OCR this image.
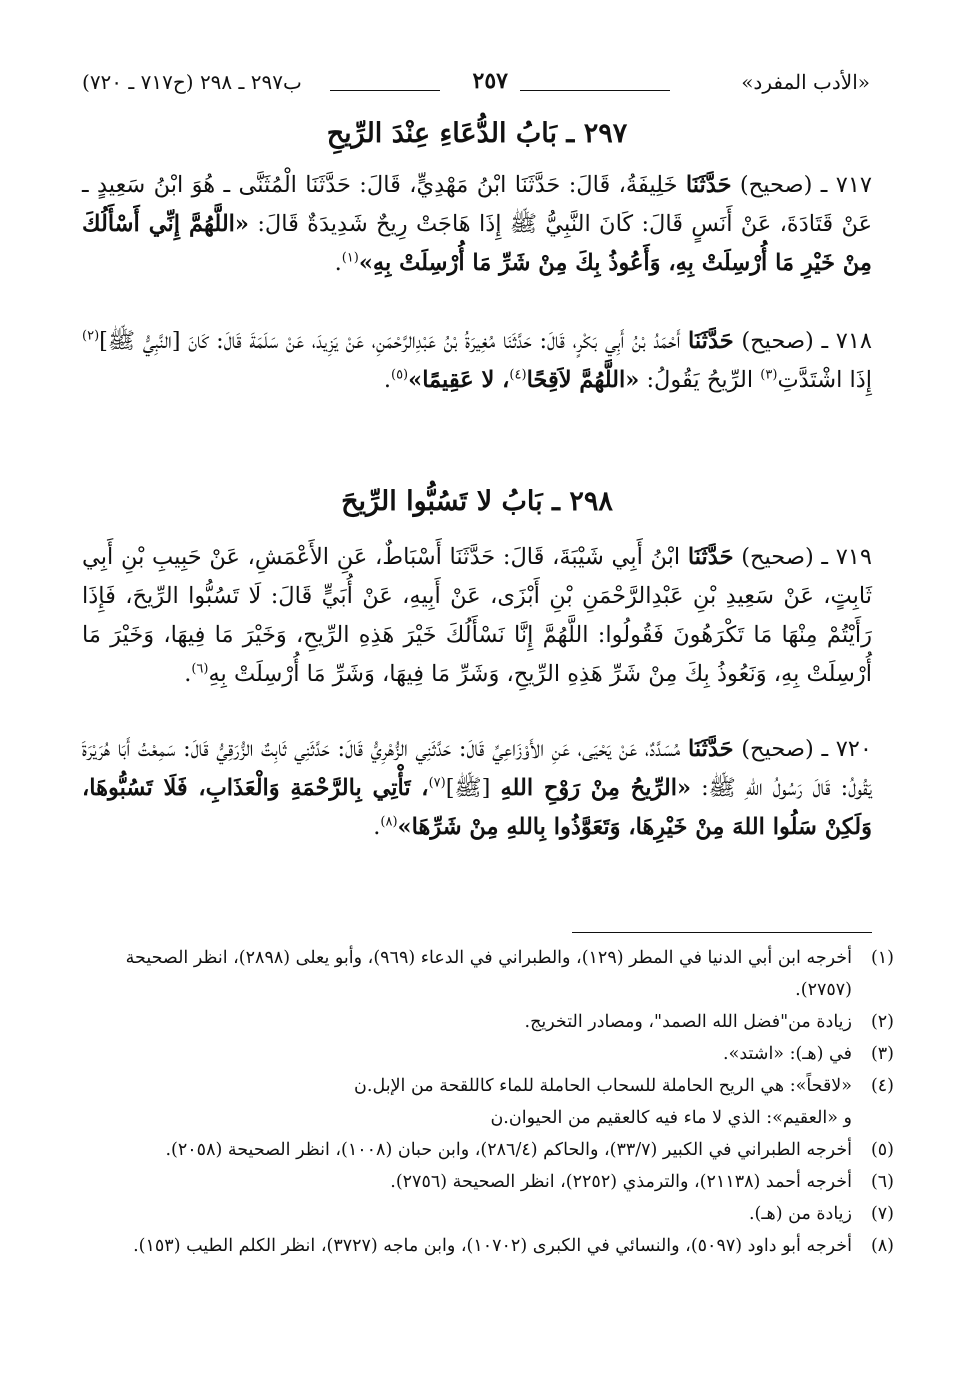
«الأدب المفرد»
٢٥٧
ب٢٩٧ ـ ٢٩٨ (ح٧١٧ ـ ٧٢٠)
٢٩٧ ـ بَابُ الدُّعَاءِ عِنْدَ الرِّيحِ
٧١٧ ـ (صحيح) حَدَّثَنَا خَلِيفَةُ، قَالَ: حَدَّثَنَا ابْنُ مَهْدِيٍّ، قَالَ: حَدَّثَنَا الْمُثَنَّى ـ هُوَ ابْنُ سَعِيدٍ ـ عَنْ قَتَادَةَ، عَنْ أَنَسٍ قَالَ: كَانَ النَّبِيُّ ﷺ إِذَا هَاجَتْ رِيحٌ شَدِيدَةٌ قَالَ: «اللَّهُمَّ إِنِّي أَسْأَلُكَ مِنْ خَيْرِ مَا أُرْسِلَتْ بِهِ، وَأَعُوذُ بِكَ مِنْ شَرِّ مَا أُرْسِلَتْ بِهِ»$^{(١)}$.
٧١٨ ـ (صحيح) حَدَّثَنَا أَحْمَدُ بْنُ أَبِي بَكْرٍ، قَالَ: حَدَّثَنَا مُغِيرَةُ بْنُ عَبْدِالرَّحْمَنِ، عَنْ يَزِيدَ، عَنْ سَلَمَةَ قَالَ: كَانَ [النَّبِيُّ ﷺ]$^{(٢)}$ إِذَا اشْتَدَّتِ$^{(٣)}$ الرِّيحُ يَقُولُ: «اللَّهُمَّ لاَقِحًا$^{(٤)}$، لا عَقِيمًا»$^{(٥)}$.
٢٩٨ ـ بَابُ لا تَسُبُّوا الرِّيحَ
٧١٩ ـ (صحيح) حَدَّثَنَا ابْنُ أَبِي شَيْبَةَ، قَالَ: حَدَّثَنَا أَسْبَاطٌ، عَنِ الأَعْمَشِ، عَنْ حَبِيبِ بْنِ أَبِي ثَابِتٍ، عَنْ سَعِيدِ بْنِ عَبْدِالرَّحْمَنِ بْنِ أَبْزَى، عَنْ أَبِيهِ، عَنْ أُبَيٍّ قَالَ: لَا تَسُبُّوا الرِّيحَ، فَإِذَا رَأَيْتُمْ مِنْهَا مَا تَكْرَهُونَ فَقُولُوا: اللَّهُمَّ إِنَّا نَسْأَلُكَ خَيْرَ هَذِهِ الرِّيحِ، وَخَيْرَ مَا فِيهَا، وَخَيْرَ مَا أُرْسِلَتْ بِهِ، وَنَعُوذُ بِكَ مِنْ شَرِّ هَذِهِ الرِّيحِ، وَشَرِّ مَا فِيهَا، وَشَرِّ مَا أُرْسِلَتْ بِهِ$^{(٦)}$.
٧٢٠ ـ (صحيح) حَدَّثَنَا مُسَدَّدٌ، عَنْ يَحْيَى، عَنِ الأَوْزَاعِيِّ قَالَ: حَدَّثَنِي الزُّهْرِيُّ قَالَ: حَدَّثَنِي ثَابِتٌ الزُّرَقِيُّ قَالَ: سَمِعْتُ أَبَا هُرَيْرَةَ يَقُولُ: قَالَ رَسُولُ اللهِ ﷺ: «الرِّيحُ مِنْ رَوْحِ اللهِ [ﷺ]$^{(٧)}$، تَأْتِي بِالرَّحْمَةِ وَالْعَذَابِ، فَلَا تَسُبُّوهَا، وَلَكِنْ سَلُوا اللهَ مِنْ خَيْرِهَا، وَتَعَوَّذُوا بِاللهِ مِنْ شَرِّهَا»$^{(٨)}$.
(١)
أخرجه ابن أبي الدنيا في المطر (١٢٩)، والطبراني في الدعاء (٩٦٩)، وأبو يعلى (٢٨٩٨)، انظر الصحيحة (٢٧٥٧).
(٢)
زيادة من"فضل الله الصمد"، ومصادر التخريج.
(٣)
في (هـ): «اشتد».
(٤)
«لاقحاً»: هي الريح الحاملة للسحاب الحاملة للماء كاللقحة من الإبل.ن
و «العقيم»: الذي لا ماء فيه كالعقيم من الحيوان.ن
(٥)
أخرجه الطبراني في الكبير (٣٣/٧)، والحاكم (٢٨٦/٤)، وابن حبان (١٠٠٨)، انظر الصحيحة (٢٠٥٨).
(٦)
أخرجه أحمد (٢١١٣٨)، والترمذي (٢٢٥٢)، انظر الصحيحة (٢٧٥٦).
(٧)
زيادة من (هـ).
(٨)
أخرجه أبو داود (٥٠٩٧)، والنسائي في الكبرى (١٠٧٠٢)، وابن ماجه (٣٧٢٧)، انظر الكلم الطيب (١٥٣).
